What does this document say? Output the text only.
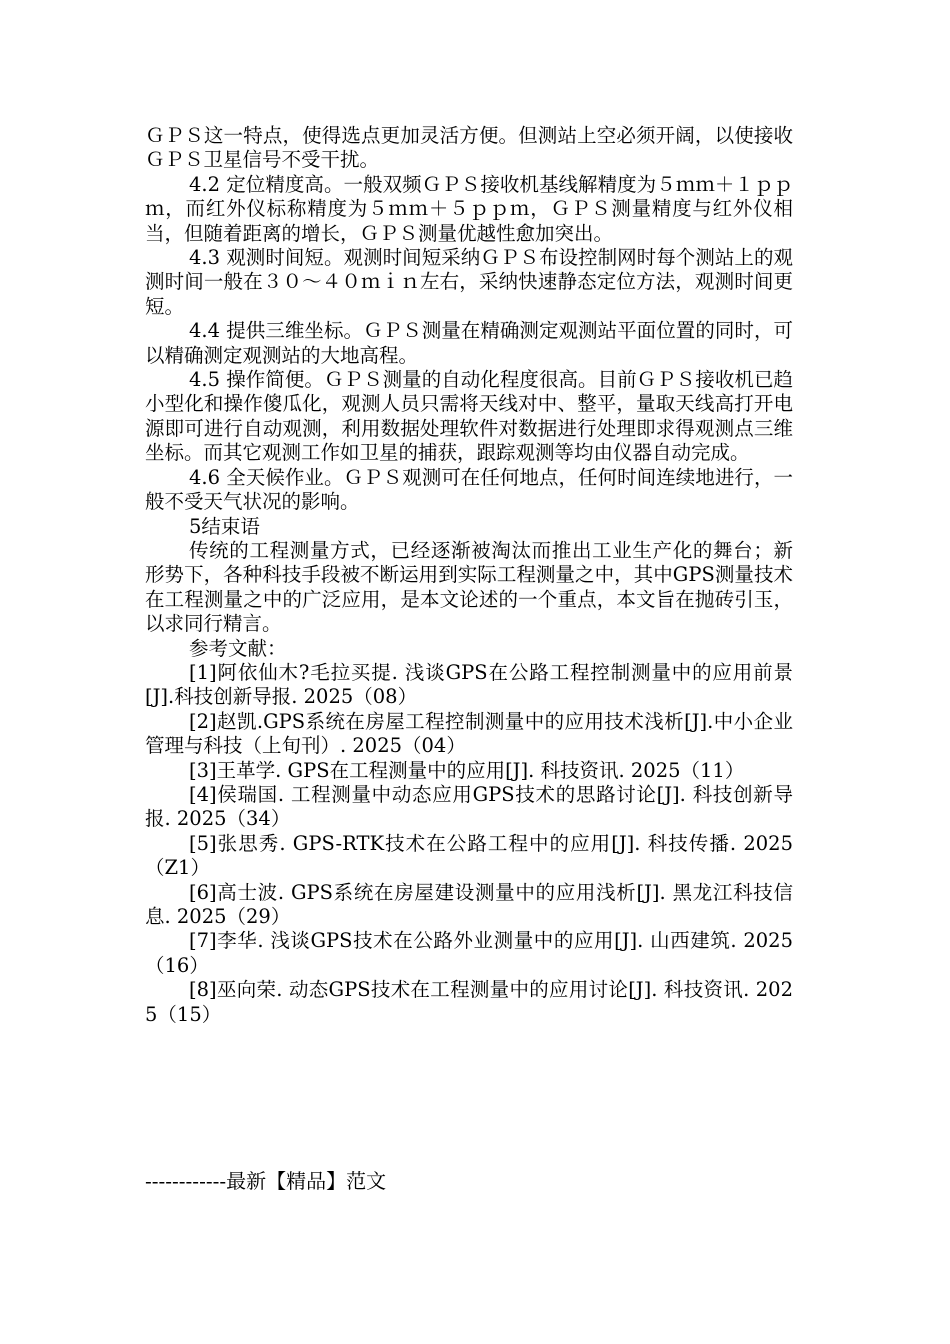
ＧＰＳ这一特点，使得选点更加灵活方便。但测站上空必须开阔，以使接收ＧＰＳ卫星信号不受干扰。

4.2 定位精度高。一般双频ＧＰＳ接收机基线解精度为５ｍｍ＋１ｐｐｍ，而红外仪标称精度为５ｍｍ＋５ｐｐｍ，ＧＰＳ测量精度与红外仪相当，但随着距离的增长，ＧＰＳ测量优越性愈加突出。

4.3 观测时间短。观测时间短采纳ＧＰＳ布设控制网时每个测站上的观测时间一般在３０～４０ｍｉｎ左右，采纳快速静态定位方法，观测时间更短。

4.4 提供三维坐标。ＧＰＳ测量在精确测定观测站平面位置的同时，可以精确测定观测站的大地高程。

4.5 操作简便。ＧＰＳ测量的自动化程度很高。目前ＧＰＳ接收机已趋小型化和操作傻瓜化，观测人员只需将天线对中、整平，量取天线高打开电源即可进行自动观测，利用数据处理软件对数据进行处理即求得观测点三维坐标。而其它观测工作如卫星的捕获，跟踪观测等均由仪器自动完成。

4.6 全天候作业。ＧＰＳ观测可在任何地点，任何时间连续地进行，一般不受天气状况的影响。

5结束语

传统的工程测量方式，已经逐渐被淘汰而推出工业生产化的舞台；新形势下，各种科技手段被不断运用到实际工程测量之中，其中GPS测量技术在工程测量之中的广泛应用，是本文论述的一个重点，本文旨在抛砖引玉，以求同行精言。

参考文献：

[1]阿依仙木?毛拉买提. 浅谈GPS在公路工程控制测量中的应用前景[J].科技创新导报. 2025（08）

[2]赵凯.GPS系统在房屋工程控制测量中的应用技术浅析[J].中小企业管理与科技（上旬刊）. 2025（04）

[3]王革学. GPS在工程测量中的应用[J]. 科技资讯. 2025（11）

[4]侯瑞国. 工程测量中动态应用GPS技术的思路讨论[J]. 科技创新导报. 2025（34）

[5]张思秀. GPS-RTK技术在公路工程中的应用[J]. 科技传播. 2025（Z1）

[6]高士波. GPS系统在房屋建设测量中的应用浅析[J]. 黑龙江科技信息. 2025（29）

[7]李华. 浅谈GPS技术在公路外业测量中的应用[J]. 山西建筑. 2025（16）

[8]巫向荣. 动态GPS技术在工程测量中的应用讨论[J]. 科技资讯. 2025（15）

------------最新【精品】范文
